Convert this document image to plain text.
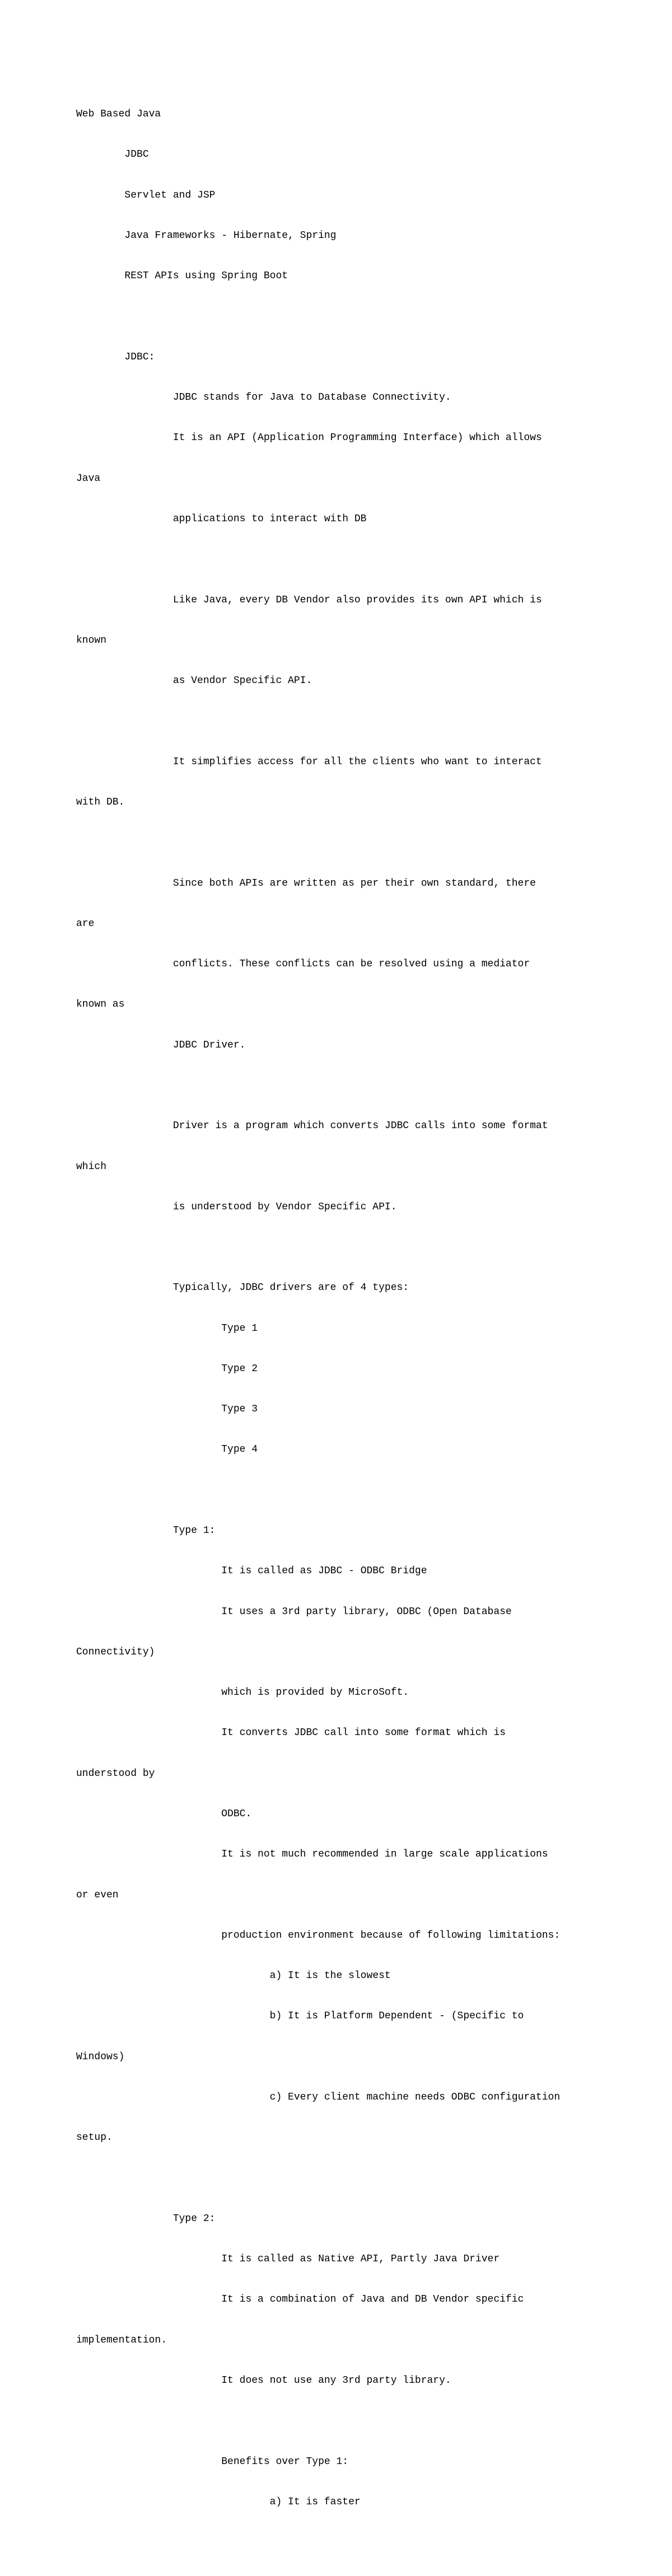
Web Based Java

	JDBC

	Servlet and JSP

	Java Frameworks - Hibernate, Spring

	REST APIs using Spring Boot

	JDBC:

		JDBC stands for Java to Database Connectivity.

		It is an API (Application Programming Interface) which allows

Java

		applications to interact with DB

		Like Java, every DB Vendor also provides its own API which is

known

		as Vendor Specific API.

		It simplifies access for all the clients who want to interact

with DB.

		Since both APIs are written as per their own standard, there

are

		conflicts. These conflicts can be resolved using a mediator

known as

		JDBC Driver.

		Driver is a program which converts JDBC calls into some format

which

		is understood by Vendor Specific API.

		Typically, JDBC drivers are of 4 types:

			Type 1

			Type 2

			Type 3

			Type 4

		Type 1:

			It is called as JDBC - ODBC Bridge

			It uses a 3rd party library, ODBC (Open Database

Connectivity)

			which is provided by MicroSoft.

			It converts JDBC call into some format which is

understood by

			ODBC.

			It is not much recommended in large scale applications

or even

			production environment because of following limitations:

				a) It is the slowest

				b) It is Platform Dependent - (Specific to

Windows)

				c) Every client machine needs ODBC configuration

setup.

		Type 2:

			It is called as Native API, Partly Java Driver

			It is a combination of Java and DB Vendor specific

implementation.

			It does not use any 3rd party library.

			Benefits over Type 1:

				a) It is faster
